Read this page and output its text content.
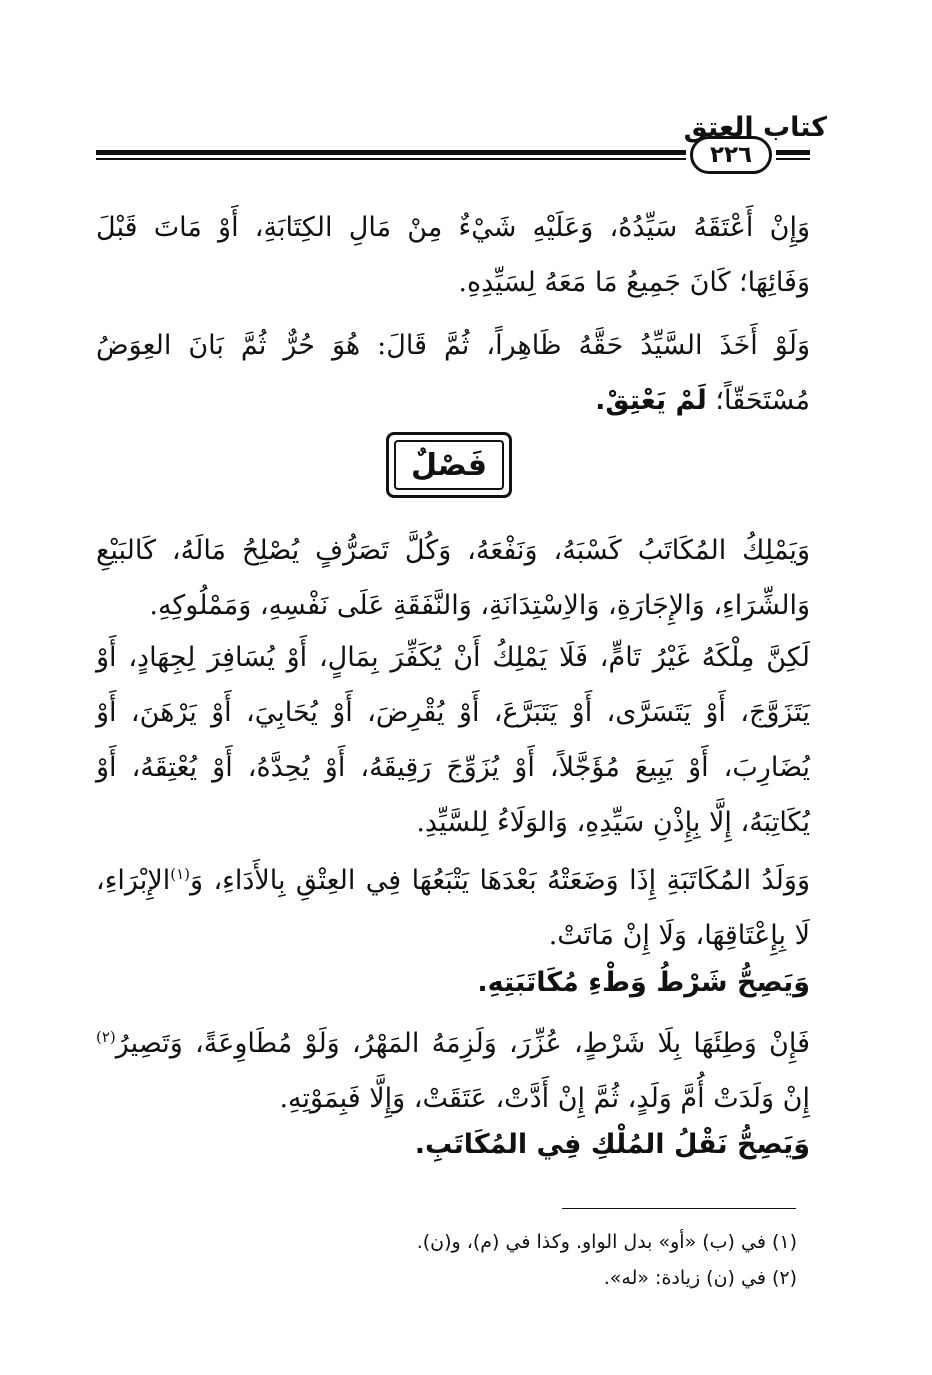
كتاب العتق
٢٢٦
وَإِنْ أَعْتَقَهُ سَيِّدُهُ، وَعَلَيْهِ شَيْءٌ مِنْ مَالِ الكِتَابَةِ، أَوْ مَاتَ قَبْلَ وَفَائِهَا؛ كَانَ جَمِيعُ مَا مَعَهُ لِسَيِّدِهِ.
وَلَوْ أَخَذَ السَّيِّدُ حَقَّهُ ظَاهِراً، ثُمَّ قَالَ: هُوَ حُرٌّ ثُمَّ بَانَ العِوَضُ مُسْتَحَقّاً؛ لَمْ يَعْتِقْ.
فَصْلٌ
وَيَمْلِكُ المُكَاتَبُ كَسْبَهُ، وَنَفْعَهُ، وَكُلَّ تَصَرُّفٍ يُصْلِحُ مَالَهُ، كَالبَيْعِ وَالشِّرَاءِ، وَالإِجَارَةِ، وَالاِسْتِدَانَةِ، وَالنَّفَقَةِ عَلَى نَفْسِهِ، وَمَمْلُوكِهِ.
لَكِنَّ مِلْكَهُ غَيْرُ تَامٍّ، فَلَا يَمْلِكُ أَنْ يُكَفِّرَ بِمَالٍ، أَوْ يُسَافِرَ لِجِهَادٍ، أَوْ يَتَزَوَّجَ، أَوْ يَتَسَرَّى، أَوْ يَتَبَرَّعَ، أَوْ يُقْرِضَ، أَوْ يُحَابِيَ، أَوْ يَرْهَنَ، أَوْ يُضَارِبَ، أَوْ يَبِيعَ مُؤَجَّلاً، أَوْ يُزَوِّجَ رَقِيقَهُ، أَوْ يُحِدَّهُ، أَوْ يُعْتِقَهُ، أَوْ يُكَاتِبَهُ، إِلَّا بِإِذْنِ سَيِّدِهِ، وَالوَلَاءُ لِلسَّيِّدِ.
وَوَلَدُ المُكَاتَبَةِ إِذَا وَضَعَتْهُ بَعْدَهَا يَتْبَعُهَا فِي العِتْقِ بِالأَدَاءِ، وَ$^{(١)}$الإِبْرَاءِ، لَا بِإِعْتَاقِهَا، وَلَا إِنْ مَاتَتْ.
وَيَصِحُّ شَرْطُ وَطْءِ مُكَاتَبَتِهِ.
فَإِنْ وَطِئَهَا بِلَا شَرْطٍ، عُزِّرَ، وَلَزِمَهُ المَهْرُ، وَلَوْ مُطَاوِعَةً، وَتَصِيرُ$^{(٢)}$ إِنْ وَلَدَتْ أُمَّ وَلَدٍ، ثُمَّ إِنْ أَدَّتْ، عَتَقَتْ، وَإِلَّا فَبِمَوْتِهِ.
وَيَصِحُّ نَقْلُ المُلْكِ فِي المُكَاتَبِ.
(١) في (ب) «أو» بدل الواو. وكذا في (م)، و(ن).
(٢) في (ن) زيادة: «له».
